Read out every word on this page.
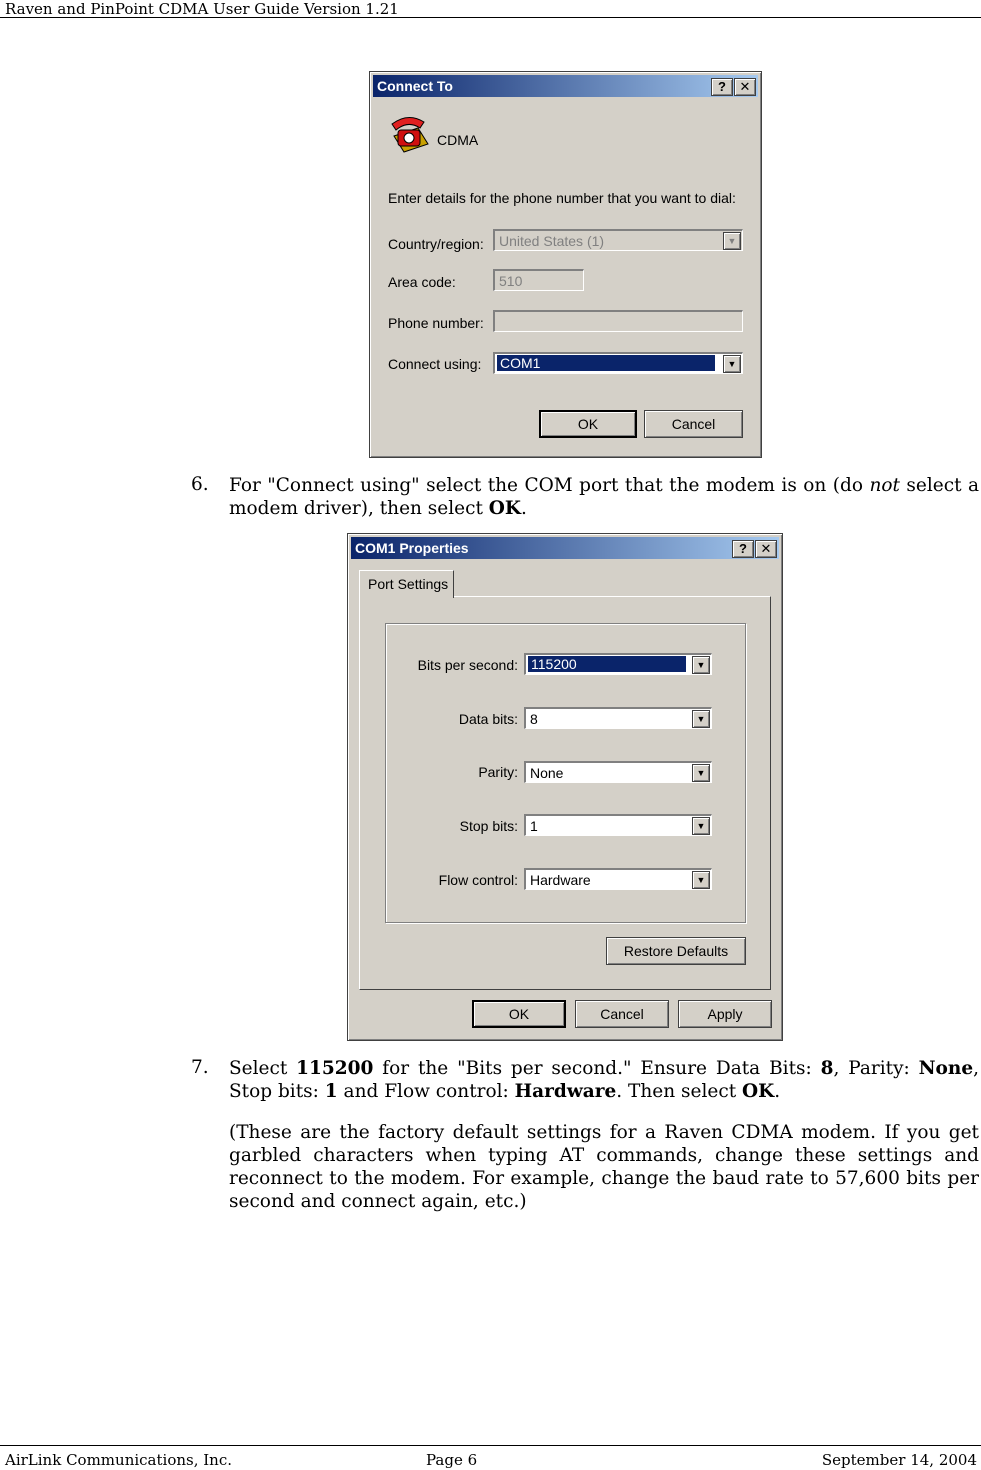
Raven and PinPoint CDMA User Guide Version 1.21
Connect To	?	✕
CDMA
Enter details for the phone number that you want to dial:
Country/region: United States (1)	▼
Area code:	510
Phone number:
Connect using: COM1	▼
OK	Cancel
6. For "Connect using" select the COM port that the modem is on (do not select a modem driver), then select OK.
COM1 Properties	?	✕
Port Settings
Bits per second: 115200	▼
Data bits: 8	▼
Parity: None	▼
Stop bits: 1	▼
Flow control: Hardware	▼
Restore Defaults
OK	Cancel	Apply
7. Select 115200 for the "Bits per second." Ensure Data Bits: 8, Parity: None, Stop bits: 1 and Flow control: Hardware. Then select OK.
(These are the factory default settings for a Raven CDMA modem. If you get garbled characters when typing AT commands, change these settings and reconnect to the modem. For example, change the baud rate to 57,600 bits per second and connect again, etc.)
AirLink Communications, Inc.	Page 6	September 14, 2004
